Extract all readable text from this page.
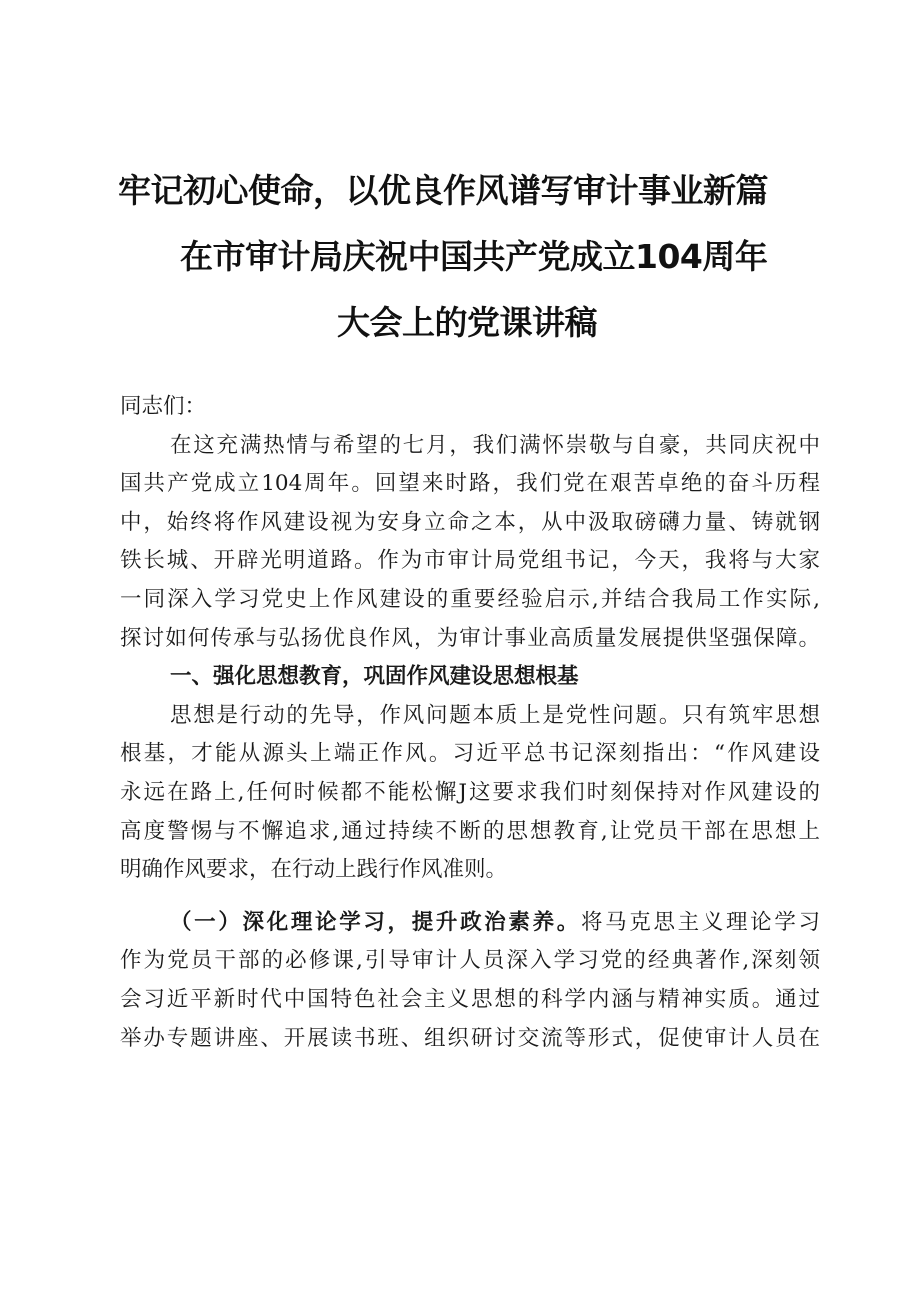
牢记初心使命，以优良作风谱写审计事业新篇
在市审计局庆祝中国共产党成立104周年
大会上的党课讲稿
同志们：
在这充满热情与希望的七月，我们满怀崇敬与自豪，共同庆祝中
国共产党成立104周年。回望来时路，我们党在艰苦卓绝的奋斗历程
中，始终将作风建设视为安身立命之本，从中汲取磅礴力量、铸就钢
铁长城、开辟光明道路。作为市审计局党组书记，今天，我将与大家
一同深入学习党史上作风建设的重要经验启示,并结合我局工作实际,
探讨如何传承与弘扬优良作风，为审计事业高质量发展提供坚强保障。
一、强化思想教育，巩固作风建设思想根基
思想是行动的先导，作风问题本质上是党性问题。只有筑牢思想
根基，才能从源头上端正作风。习近平总书记深刻指出：“作风建设
永远在路上,任何时候都不能松懈J这要求我们时刻保持对作风建设的
高度警惕与不懈追求,通过持续不断的思想教育,让党员干部在思想上
明确作风要求，在行动上践行作风准则。
（一）深化理论学习，提升政治素养。将马克思主义理论学习
作为党员干部的必修课,引导审计人员深入学习党的经典著作,深刻领
会习近平新时代中国特色社会主义思想的科学内涵与精神实质。通过
举办专题讲座、开展读书班、组织研讨交流等形式，促使审计人员在
